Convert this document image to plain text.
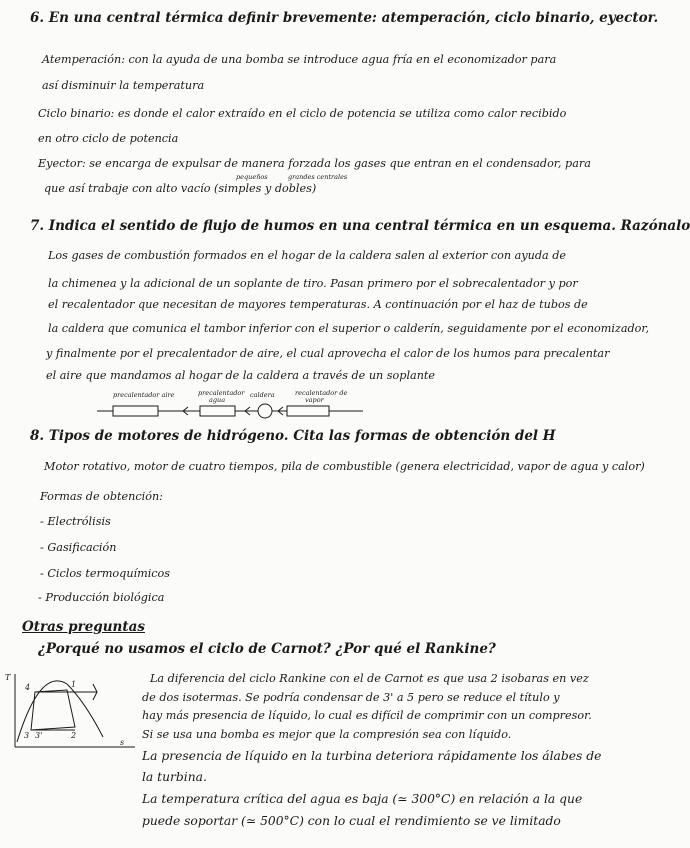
6. En una central térmica definir brevemente: atemperación, ciclo binario, eyector.
Atemperación: con la ayuda de una bomba se introduce agua fría en el economizador para
así disminuir la temperatura
Ciclo binario: es donde el calor extraído en el ciclo de potencia se utiliza como calor recibido
en otro ciclo de potencia
Eyector: se encarga de expulsar de manera forzada los gases que entran en el condensador, para
pequeños	grandes centrales
que así trabaje con alto vacío (simples y dobles)
7. Indica el sentido de flujo de humos en una central térmica en un esquema. Razónalo
Los gases de combustión formados en el hogar de la caldera salen al exterior con ayuda de
la chimenea y la adicional de un soplante de tiro. Pasan primero por el sobrecalentador y por
el recalentador que necesitan de mayores temperaturas. A continuación por el haz de tubos de
la caldera que comunica el tambor inferior con el superior o calderín, seguidamente por el economizador,
y finalmente por el precalentador de aire, el cual aprovecha el calor de los humos para precalentar
el aire que mandamos al hogar de la caldera a través de un soplante
precalentador aire	precalentador
agua
caldera	recalentador de
vapor
8. Tipos de motores de hidrógeno. Cita las formas de obtención del H
Motor rotativo, motor de cuatro tiempos, pila de combustible (genera electricidad, vapor de agua y calor)
Formas de obtención:
- Electrólisis
- Gasificación
- Ciclos termoquímicos
- Producción biológica
Otras preguntas
¿Porqué no usamos el ciclo de Carnot? ¿Por qué el Rankine?
T
4	1
3 3'	2
s
La diferencia del ciclo Rankine con el de Carnot es que usa 2 isobaras en vez
de dos isotermas. Se podría condensar de 3' a 5 pero se reduce el título y
hay más presencia de líquido, lo cual es difícil de comprimir con un compresor.
Si se usa una bomba es mejor que la compresión sea con líquido.
La presencia de líquido en la turbina deteriora rápidamente los álabes de
la turbina.
La temperatura crítica del agua es baja (≃ 300°C) en relación a la que
puede soportar (≃ 500°C) con lo cual el rendimiento se ve limitado
